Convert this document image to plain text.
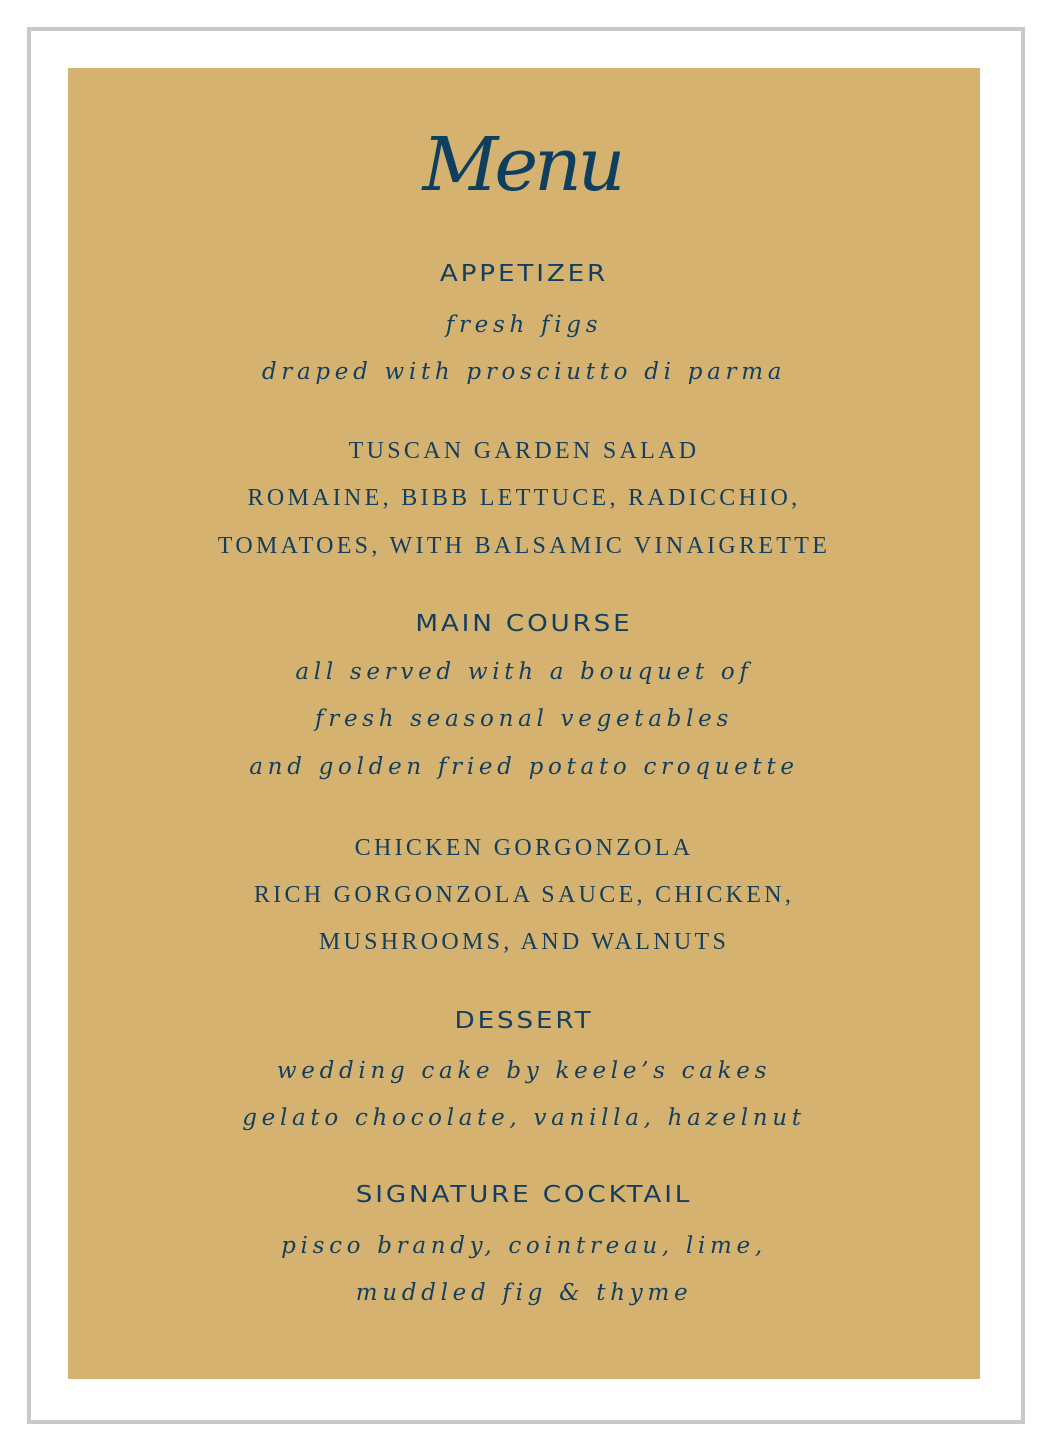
Menu
APPETIZER
fresh figs
draped with prosciutto di parma
TUSCAN GARDEN SALAD
ROMAINE, BIBB LETTUCE, RADICCHIO,
TOMATOES, WITH BALSAMIC VINAIGRETTE
MAIN COURSE
all served with a bouquet of
fresh seasonal vegetables
and golden fried potato croquette
CHICKEN GORGONZOLA
RICH GORGONZOLA SAUCE, CHICKEN,
MUSHROOMS, AND WALNUTS
DESSERT
wedding cake by keele’s cakes
gelato chocolate, vanilla, hazelnut
SIGNATURE COCKTAIL
pisco brandy, cointreau, lime,
muddled fig & thyme
